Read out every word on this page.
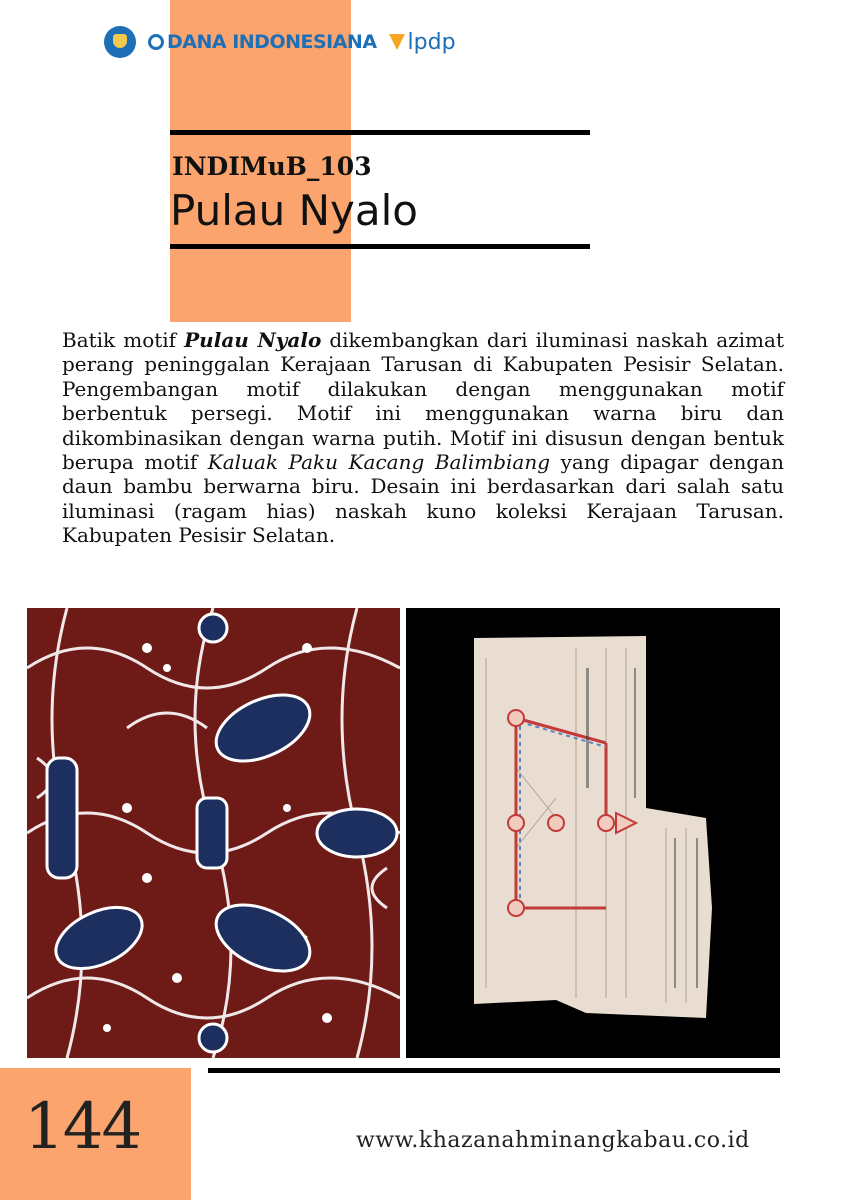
DANA INDONESIANA lpdp
INDIMuB_103
Pulau Nyalo

Batik motif Pulau Nyalo dikembangkan dari iluminasi naskah azimat perang peninggalan Kerajaan Tarusan di Kabupaten Pesisir Selatan. Pengembangan motif dilakukan dengan menggunakan motif berbentuk persegi. Motif ini menggunakan warna biru dan dikombinasikan dengan warna putih. Motif ini disusun dengan bentuk berupa motif Kaluak Paku Kacang Balimbiang yang dipagar dengan daun bambu berwarna biru. Desain ini berdasarkan dari salah satu iluminasi (ragam hias) naskah kuno koleksi Kerajaan Tarusan. Kabupaten Pesisir Selatan.

144	www.khazanahminangkabau.co.id
